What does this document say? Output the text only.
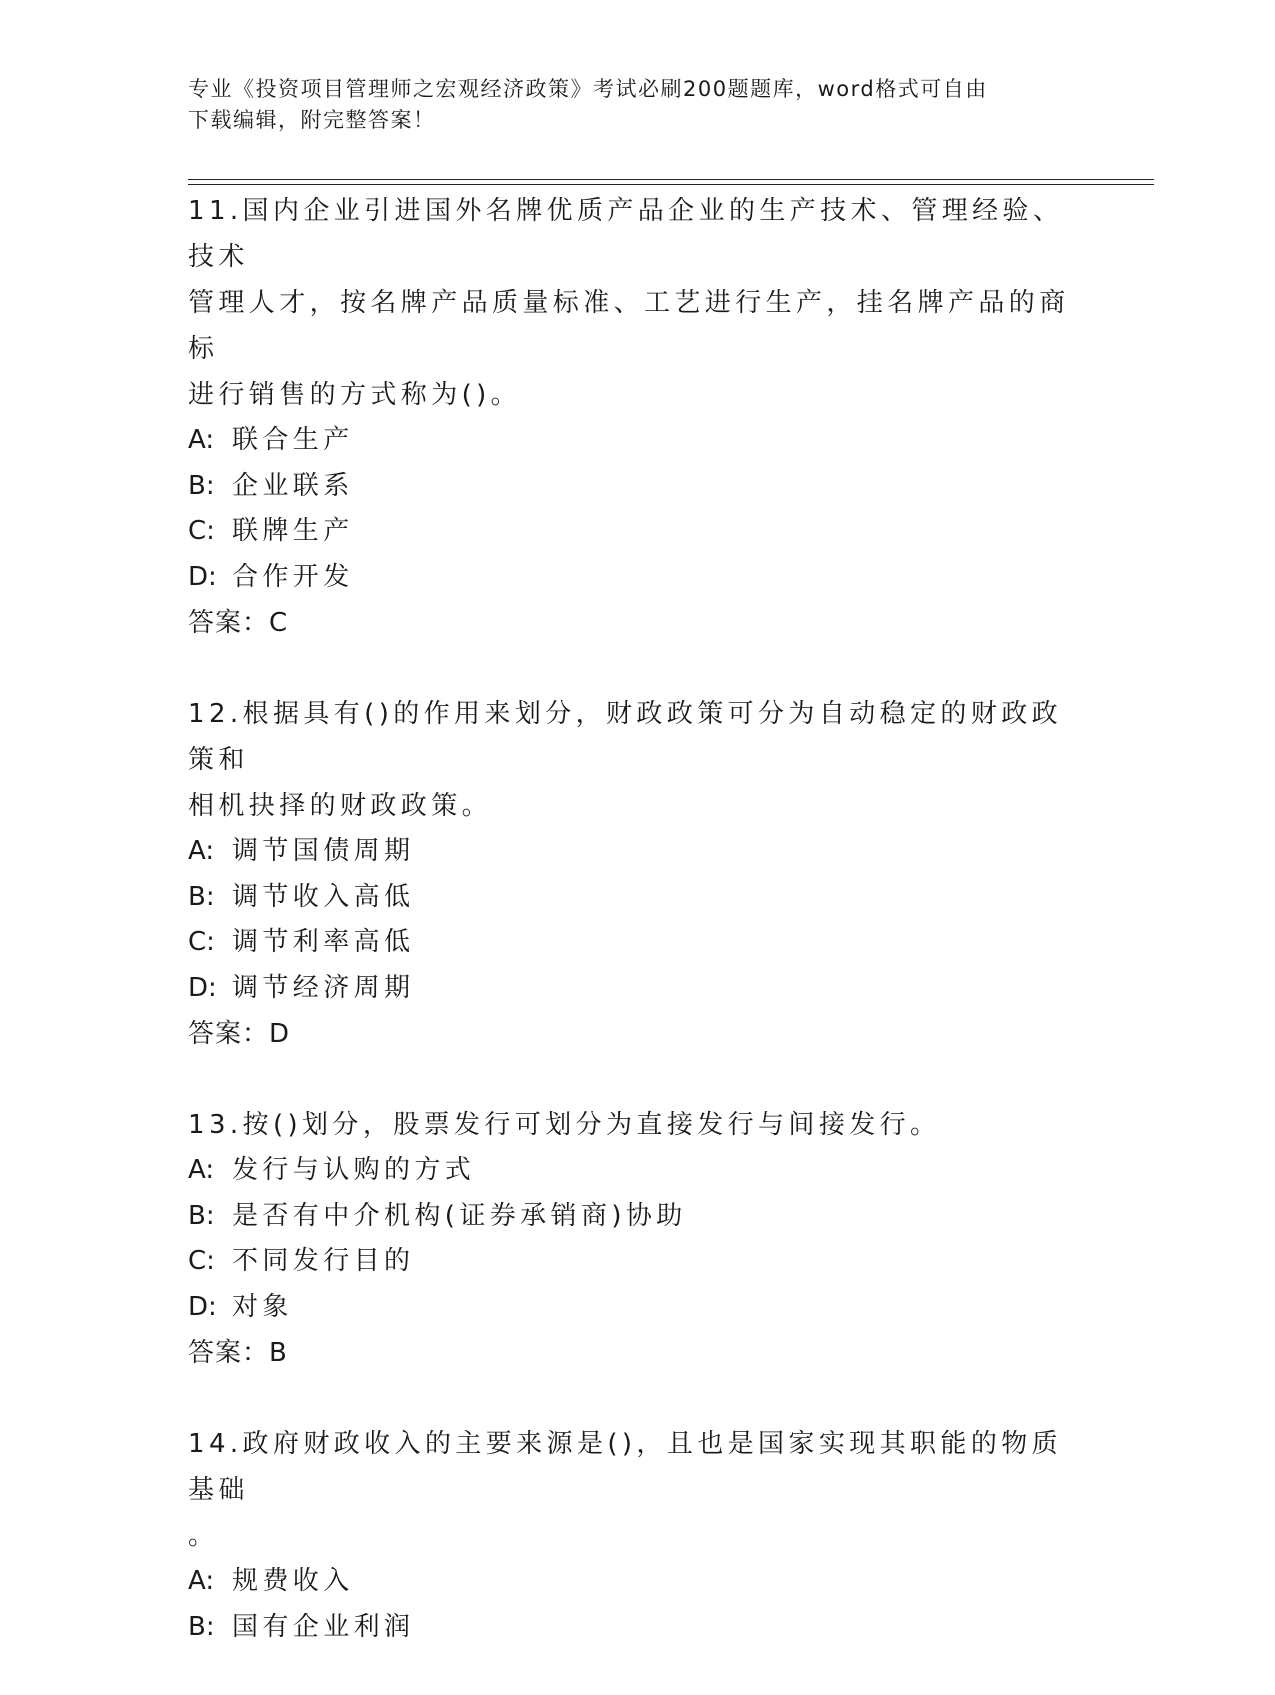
专业《投资项目管理师之宏观经济政策》考试必刷200题题库，word格式可自由
下载编辑，附完整答案！
11.国内企业引进国外名牌优质产品企业的生产技术、管理经验、技术
管理人才，按名牌产品质量标准、工艺进行生产，挂名牌产品的商标
进行销售的方式称为()。
A: 联合生产
B: 企业联系
C: 联牌生产
D: 合作开发
答案：C
12.根据具有()的作用来划分，财政政策可分为自动稳定的财政政策和
相机抉择的财政政策。
A: 调节国债周期
B: 调节收入高低
C: 调节利率高低
D: 调节经济周期
答案：D
13.按()划分，股票发行可划分为直接发行与间接发行。
A: 发行与认购的方式
B: 是否有中介机构(证券承销商)协助
C: 不同发行目的
D: 对象
答案：B
14.政府财政收入的主要来源是()，且也是国家实现其职能的物质基础
。
A: 规费收入
B: 国有企业利润
